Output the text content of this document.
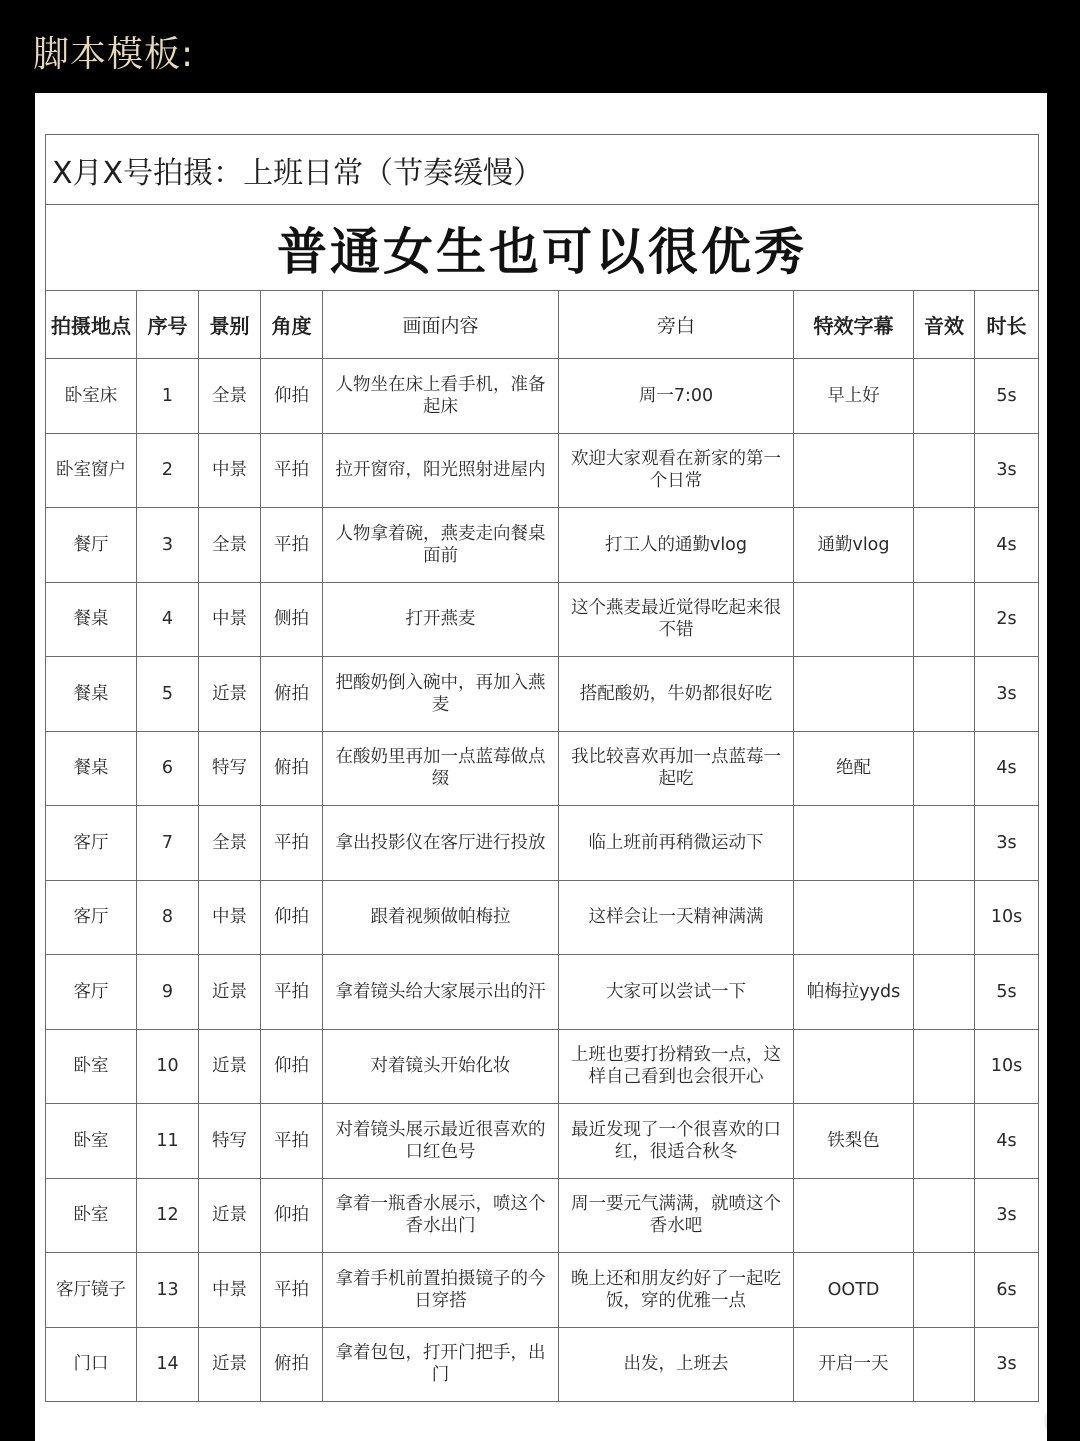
脚本模板:
X月X号拍摄：上班日常（节奏缓慢）								
普通女生也可以很优秀								
拍摄地点	序号	景别	角度	画面内容	旁白	特效字幕	音效	时长
卧室床	1	全景	仰拍	人物坐在床上看手机，准备起床	周一7:00	早上好		5s
卧室窗户	2	中景	平拍	拉开窗帘，阳光照射进屋内	欢迎大家观看在新家的第一个日常			3s
餐厅	3	全景	平拍	人物拿着碗，燕麦走向餐桌面前	打工人的通勤vlog	通勤vlog		4s
餐桌	4	中景	侧拍	打开燕麦	这个燕麦最近觉得吃起来很不错			2s
餐桌	5	近景	俯拍	把酸奶倒入碗中，再加入燕麦	搭配酸奶，牛奶都很好吃			3s
餐桌	6	特写	俯拍	在酸奶里再加一点蓝莓做点缀	我比较喜欢再加一点蓝莓一起吃	绝配		4s
客厅	7	全景	平拍	拿出投影仪在客厅进行投放	临上班前再稍微运动下			3s
客厅	8	中景	仰拍	跟着视频做帕梅拉	这样会让一天精神满满			10s
客厅	9	近景	平拍	拿着镜头给大家展示出的汗	大家可以尝试一下	帕梅拉yyds		5s
卧室	10	近景	仰拍	对着镜头开始化妆	上班也要打扮精致一点，这样自己看到也会很开心			10s
卧室	11	特写	平拍	对着镜头展示最近很喜欢的口红色号	最近发现了一个很喜欢的口红，很适合秋冬	铁梨色		4s
卧室	12	近景	仰拍	拿着一瓶香水展示，喷这个香水出门	周一要元气满满，就喷这个香水吧			3s
客厅镜子	13	中景	平拍	拿着手机前置拍摄镜子的今日穿搭	晚上还和朋友约好了一起吃饭，穿的优雅一点	OOTD		6s
门口	14	近景	俯拍	拿着包包，打开门把手，出门	出发，上班去	开启一天		3s
